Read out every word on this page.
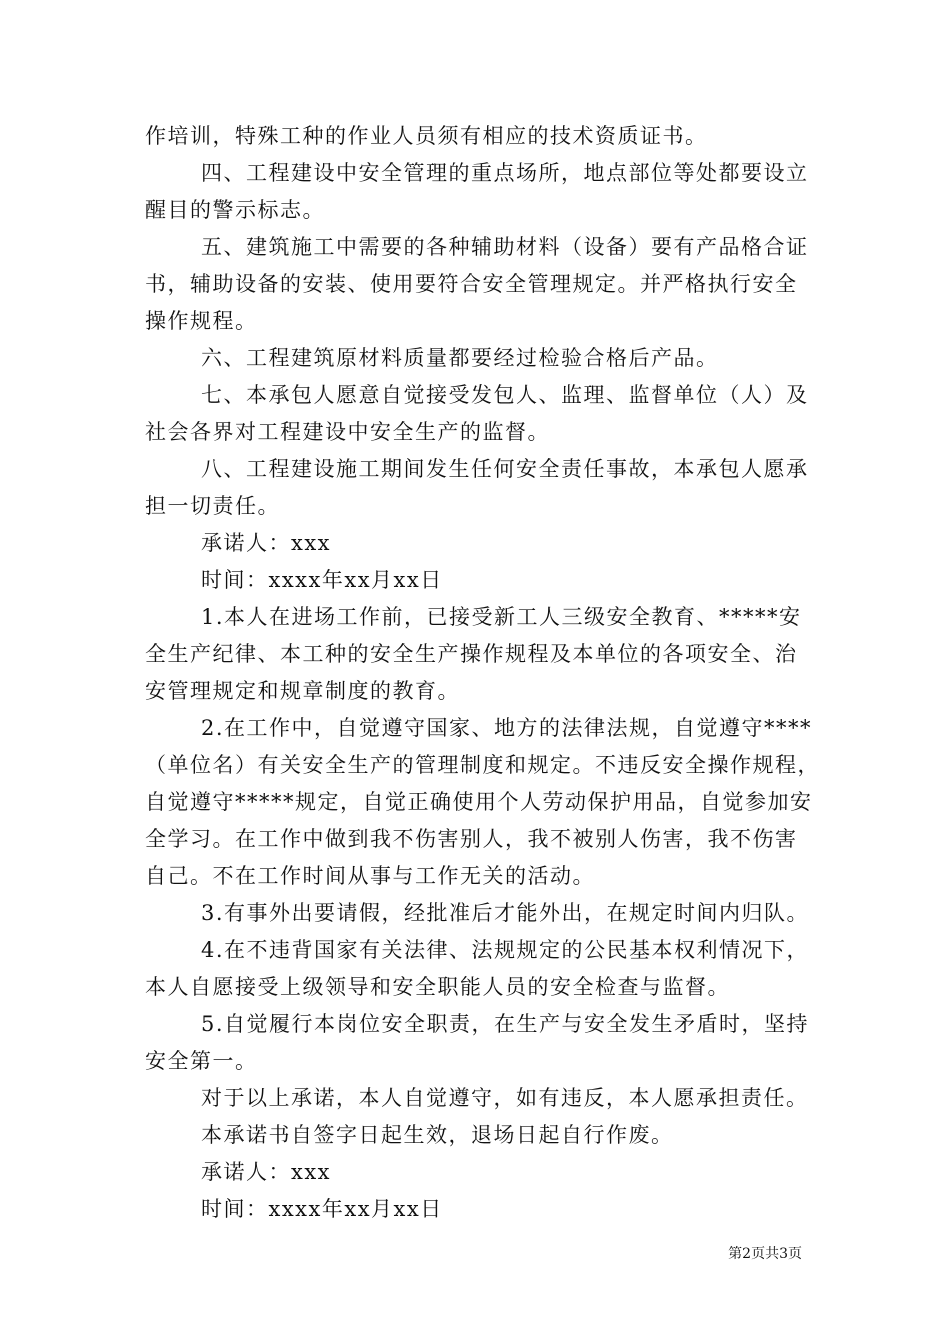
作培训，特殊工种的作业人员须有相应的技术资质证书。
四、工程建设中安全管理的重点场所，地点部位等处都要设立
醒目的警示标志。
五、建筑施工中需要的各种辅助材料（设备）要有产品格合证
书，辅助设备的安装、使用要符合安全管理规定。并严格执行安全
操作规程。
六、工程建筑原材料质量都要经过检验合格后产品。
七、本承包人愿意自觉接受发包人、监理、监督单位（人）及
社会各界对工程建设中安全生产的监督。
八、工程建设施工期间发生任何安全责任事故，本承包人愿承
担一切责任。
承诺人：xxx
时间：xxxx年xx月xx日
1.本人在进场工作前，已接受新工人三级安全教育、*****安
全生产纪律、本工种的安全生产操作规程及本单位的各项安全、治
安管理规定和规章制度的教育。
2.在工作中，自觉遵守国家、地方的法律法规，自觉遵守****
（单位名）有关安全生产的管理制度和规定。不违反安全操作规程，
自觉遵守*****规定，自觉正确使用个人劳动保护用品，自觉参加安
全学习。在工作中做到我不伤害别人，我不被别人伤害，我不伤害
自己。不在工作时间从事与工作无关的活动。
3.有事外出要请假，经批准后才能外出，在规定时间内归队。
4.在不违背国家有关法律、法规规定的公民基本权利情况下，
本人自愿接受上级领导和安全职能人员的安全检查与监督。
5.自觉履行本岗位安全职责，在生产与安全发生矛盾时，坚持
安全第一。
对于以上承诺，本人自觉遵守，如有违反，本人愿承担责任。
本承诺书自签字日起生效，退场日起自行作废。
承诺人：xxx
时间：xxxx年xx月xx日
第2页共3页
